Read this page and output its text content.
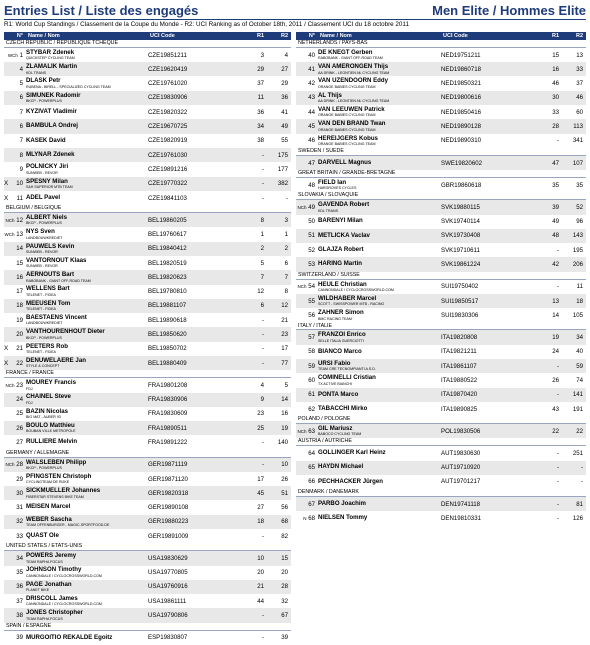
Entries List / Liste des engagés	Men Elite / Hommes Elite
R1: World Cup Standings / Classement de la Coupe du Monde - R2: UCI Ranking as of October 18th, 2011 / Classement UCI du 18 octobre 2011
N° Name / Nom	UCI Code	R1	R2
CZECH REPUBLIC / REPUBLIQUE TCHEQUE
WCh 1 STYBAR Zdenek
QUICKSTEP CYCLING TEAM	CZE19851211	3	4
4 ZLAMALIK Martin
KDL TRANS	CZE19620419	29	27
5 DLASK Petr
RUBENA - BIRELL - SPECIALIZED CYCLING TEAM	CZE19761020	37	29
6 SIMUNEK Radomir
BKCP - POWERPLUS	CZE19830906	11	36
7 KYZIVAT Vladimir	CZE19820322	36	41
6 BAMBULA Ondrej	CZE19670725	34	49
7 KASEK David	CZE19820919	38	55
8 MLYNAR Zdenek	CZE19761030	-	175
9 POLNICKY Jiri
SUNWEB - REVOR	CZE19891216	-	177
X 10 SPESNY Milan
S&H SUPERIOR MTB TEAM	CZE19770322	-	382
X 11 ADEL Pavel	CZE19841103	-	-
BELGIUM / BELGIQUE
NCh 12 ALBERT Niels
BKCP - POWERPLUS	BEL19860205	8	3
WCh 13 NYS Sven
LANDBOUWKREDIET	BEL19760617	1	1
14 PAUWELS Kevin
SUNWEB - REVOR	BEL19840412	2	2
15 VANTORNOUT Klaas
SUNWEB - REVOR	BEL19820519	5	6
16 AERNOUTS Bart
RABOBANK - GIANT OFF-ROAD TEAM	BEL19820623	7	7
17 WELLENS Bart
TELENET - FIDEA	BEL19780810	12	8
18 MEEUSEN Tom
TELENET - FIDEA	BEL19881107	6	12
19 BAESTAENS Vincent
LANDBOUWKREDIET	BEL19890618	-	21
20 VANTHOURENHOUT Dieter
BKCP - POWERPLUS	BEL19850620	-	23
X 21 PEETERS Rob
TELENET - FIDEA	BEL19850702	-	17
X 22 DENUWELAERE Jan
STYLE & CONCEPT	BEL19880409	-	77
FRANCE / FRANCE
NCh 23 MOUREY Francis
FDJ	FRA19801208	4	5
24 CHAINEL Steve
FDJ	FRA19830906	9	14
25 BAZIN Nicolas
BIG MAT - AUBER 93	FRA19830609	23	16
26 BOULO Matthieu
BOUBAN VILLE METROPOLE	FRA19890511	25	19
27 RULLIERE Melvin	FRA19891222	-	140
GERMANY / ALLEMAGNE
NCh 28 WALSLEBEN Philipp
BKCP - POWERPLUS	GER19871119	-	10
29 PFINGSTEN Christoph
CYCLINGTEAM DE RIJKE	GER19871120	17	26
30 SICKMUELLER Johannes
FIBERSTAR STEVENS BIKE TEAM	GER19820318	45	51
31 MEISEN Marcel	GER19890108	27	56
32 WEBER Sascha
TEAM OFFENBURGER - MAGIC-SPORTFOOD.DE	GER19880223	18	68
33 QUAST Ole	GER19891009	-	82
UNITED STATES / ETATS-UNIS
34 POWERS Jeremy
TEAM RAPHA FOCUS	USA19830629	10	15
35 JOHNSON Timothy
CANNONDALE / CYCLOCROSSWORLD.COM	USA19770805	20	20
36 PAGE Jonathan
PLANET BIKE	USA19760916	21	28
37 DRISCOLL James
CANNONDALE / CYCLOCROSSWORLD.COM	USA19861111	44	32
38 JONES Christopher
TEAM RAPHA FOCUS	USA19790806	-	67
SPAIN / ESPAGNE
39 MURGOITIO REKALDE Egoitz	ESP19830807	-	39
N° Name / Nom	UCI Code	R1	R2
NETHERLANDS / PAYS-BAS
40 DE KNEGT Gerben
RABOBANK - GIANT OFF-ROAD TEAM	NED19751211	15	13
41 VAN AMERONGEN Thijs
AA DRINK - LEONTIEN.NL CYCLING TEAM	NED19860718	16	33
42 VAN UZENDOORN Eddy
ORANGE BABIES CYCLING TEAM	NED19850321	46	37
43 AL Thijs
AA DRINK - LEONTIEN.NL CYCLING TEAM	NED19800616	30	46
44 VAN LEEUWEN Patrick
ORANGE BABIES CYCLING TEAM	NED19850416	33	60
45 VAN DEN BRAND Twan
ORANGE BABIES CYCLING TEAM	NED19890128	28	113
46 HEREIJGERS Kobus
ORANGE BABIES CYCLING TEAM	NED19890310	-	341
SWEDEN / SUEDE
47 DARVELL Magnus	SWE19820602	47	107
GREAT BRITAIN / GRANDE-BRETAGNE
48 FIELD Ian
HARGROVES CYCLES	GBR19860618	35	35
SLOVAKIA / SLOVAQUIE
NCh 49 GAVENDA Robert
KDL TRANS	SVK19880115	39	52
50 BARENYI Milan	SVK19740114	49	96
51 METLICKA Vaclav	SVK19730408	48	143
52 GLAJZA Robert	SVK19710611	-	195
53 HARING Martin	SVK19861224	42	206
SWITZERLAND / SUISSE
NCh 54 HEULE Christian
CANNONDALE / CYCLOCROSSWORLD.COM	SUI19750402	-	11
55 WILDHABER Marcel
SCOTT - SWISSPOWER MTB - RACING	SUI19850517	13	18
56 ZAHNER Simon
BMC RACING TEAM	SUI19830306	14	105
ITALY / ITALIE
57 FRANZOI Enrico
SELLE ITALIA GUERCIOTTI	ITA19820808	19	34
58 BIANCO Marco	ITA19821211	24	40
59 URSI Fabio
TEAM CRE TECNOMPIANTI A.S.D.	ITA19861107	-	59
60 COMINELLI Cristian
TX ACTIVE BIANCHI	ITA19880522	26	74
61 PONTA Marco	ITA19870420	-	141
62 TABACCHI Mirko	ITA19890825	43	191
POLAND / POLOGNE
NCh 63 GIL Mariusz
BABOCO CYCLING TEAM	POL19830506	22	22
AUSTRIA / AUTRICHE
64 GOLLINGER Karl Heinz	AUT19830630	-	251
65 HAYDN Michael	AUT19710920	-	-
66 PECHHACKER Jürgen	AUT19701217	-	-
DENMARK / DANEMARK
67 PARBO Joachim	DEN19741118	-	81
N 68 NIELSEN Tommy	DEN19810331	-	126
